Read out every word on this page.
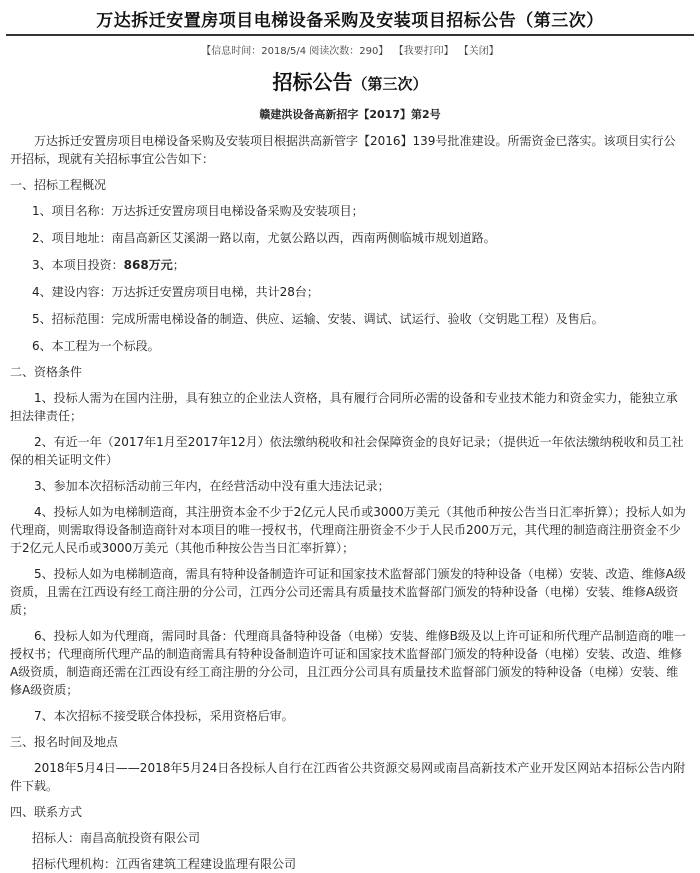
万达拆迁安置房项目电梯设备采购及安装项目招标公告（第三次）
【信息时间：2018/5/4 阅读次数：290】 【我要打印】 【关闭】
招标公告（第三次）
赣建洪设备高新招字【2017】第2号

万达拆迁安置房项目电梯设备采购及安装项目根据洪高新管字【2016】139号批准建设。所需资金已落实。该项目实行公开招标，现就有关招标事宜公告如下：

一、招标工程概况

1、项目名称：万达拆迁安置房项目电梯设备采购及安装项目；

2、项目地址：南昌高新区艾溪湖一路以南，尤氨公路以西，西南两侧临城市规划道路。

3、本项目投资：868万元；

4、建设内容：万达拆迁安置房项目电梯，共计28台；

5、招标范围：完成所需电梯设备的制造、供应、运输、安装、调试、试运行、验收（交钥匙工程）及售后。

6、本工程为一个标段。

二、资格条件

1、投标人需为在国内注册，具有独立的企业法人资格，具有履行合同所必需的设备和专业技术能力和资金实力，能独立承担法律责任；

2、有近一年（2017年1月至2017年12月）依法缴纳税收和社会保障资金的良好记录；（提供近一年依法缴纳税收和员工社保的相关证明文件）

3、参加本次招标活动前三年内，在经营活动中没有重大违法记录；

4、投标人如为电梯制造商，其注册资本金不少于2亿元人民币或3000万美元（其他币种按公告当日汇率折算）；投标人如为代理商，则需取得设备制造商针对本项目的唯一授权书，代理商注册资金不少于人民币200万元，其代理的制造商注册资金不少于2亿元人民币或3000万美元（其他币种按公告当日汇率折算）；

5、投标人如为电梯制造商，需具有特种设备制造许可证和国家技术监督部门颁发的特种设备（电梯）安装、改造、维修A级资质，且需在江西设有经工商注册的分公司，江西分公司还需具有质量技术监督部门颁发的特种设备（电梯）安装、维修A级资质；

6、投标人如为代理商，需同时具备：代理商具备特种设备（电梯）安装、维修B级及以上许可证和所代理产品制造商的唯一授权书；代理商所代理产品的制造商需具有特种设备制造许可证和国家技术监督部门颁发的特种设备（电梯）安装、改造、维修A级资质，制造商还需在江西设有经工商注册的分公司，且江西分公司具有质量技术监督部门颁发的特种设备（电梯）安装、维修A级资质；

7、本次招标不接受联合体投标，采用资格后审。

三、报名时间及地点

2018年5月4日——2018年5月24日各投标人自行在江西省公共资源交易网或南昌高新技术产业开发区网站本招标公告内附件下载。

四、联系方式

招标人：南昌高航投资有限公司

招标代理机构：江西省建筑工程建设监理有限公司
